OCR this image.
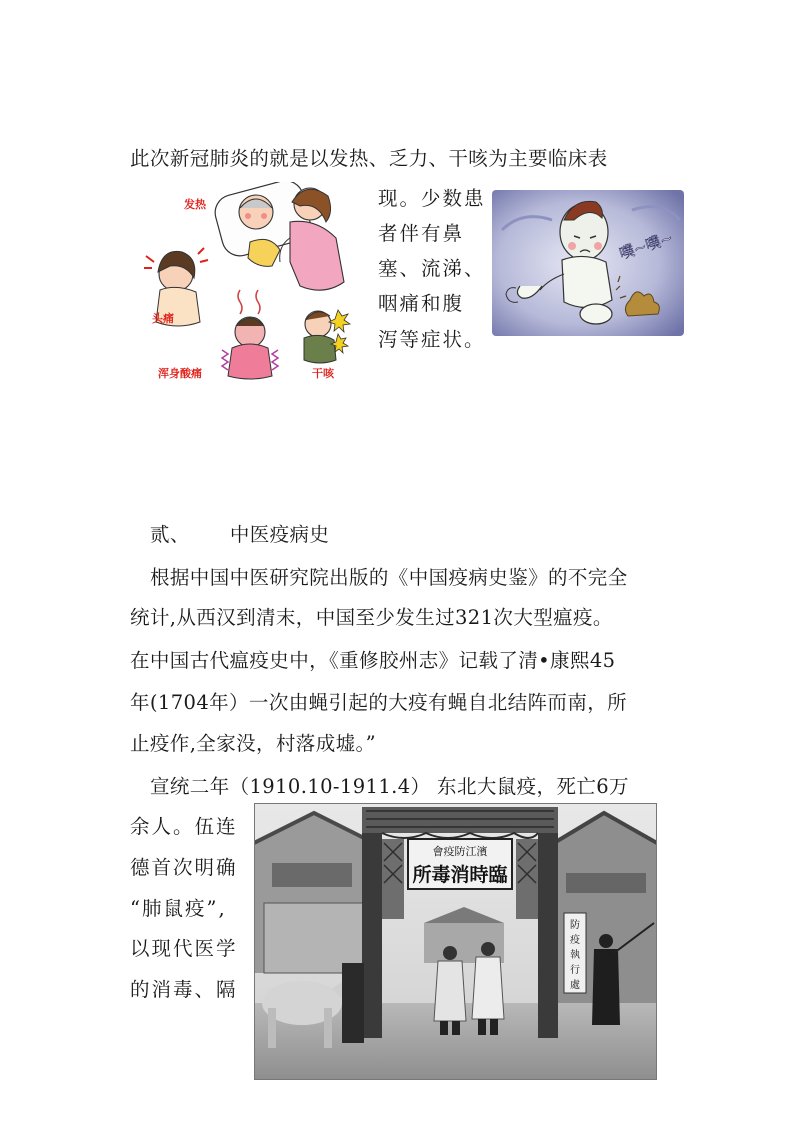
此次新冠肺炎的就是以发热、乏力、干咳为主要临床表
发热
头痛
浑身酸痛	干咳
现。少数患
者伴有鼻
塞、流涕、
咽痛和腹
泻等症状。
噗~噗~
贰、 中医疫病史
根据中国中医研究院出版的《中国疫病史鉴》的不完全
统计,从西汉到清末，中国至少发生过321次大型瘟疫。
在中国古代瘟疫史中，《重修胶州志》记载了清•康熙45
年(1704年）一次由蝇引起的大疫有蝇自北结阵而南，所
止疫作,全家没，村落成墟。”
宣统二年（1910.10-1911.4） 东北大鼠疫，死亡6万
余人。伍连
德首次明确
“肺鼠疫”,
以现代医学
的消毒、隔
會疫防江濱
所毒消時臨
防 疫 執 行 處
